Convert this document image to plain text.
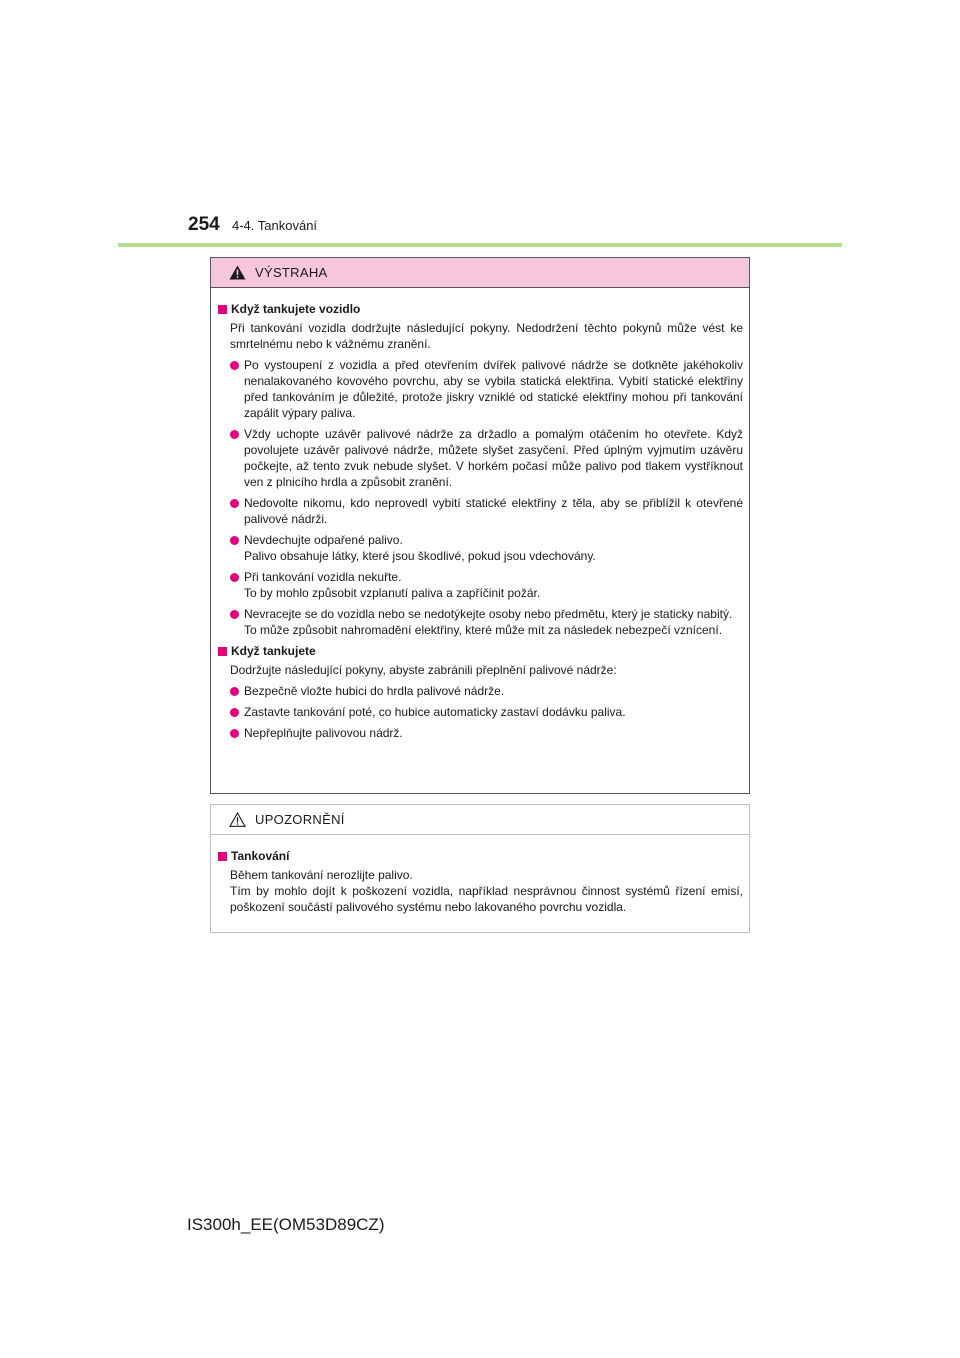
254 4-4. Tankování
VÝSTRAHA
Když tankujete vozidlo
Při tankování vozidla dodržujte následující pokyny. Nedodržení těchto pokynů může vést ke smrtelnému nebo k vážnému zranění.
Po vystoupení z vozidla a před otevřením dvířek palivové nádrže se dotkněte jakéhokoliv nenalakovaného kovového povrchu, aby se vybila statická elektřina. Vybití statické elektřiny před tankováním je důležité, protože jiskry vzniklé od statické elektřiny mohou při tankování zapálit výpary paliva.
Vždy uchopte uzávěr palivové nádrže za držadlo a pomalým otáčením ho otevřete. Když povolujete uzávěr palivové nádrže, můžete slyšet zasyčení. Před úplným vyjmutím uzávěru počkejte, až tento zvuk nebude slyšet. V horkém počasí může palivo pod tlakem vystříknout ven z plnicího hrdla a způsobit zranění.
Nedovolte nikomu, kdo neprovedl vybití statické elektřiny z těla, aby se přiblížil k otevřené palivové nádrži.
Nevdechujte odpařené palivo.
Palivo obsahuje látky, které jsou škodlivé, pokud jsou vdechovány.
Při tankování vozidla nekuřte.
To by mohlo způsobit vzplanutí paliva a zapříčinit požár.
Nevracejte se do vozidla nebo se nedotýkejte osoby nebo předmětu, který je staticky nabitý.
To může způsobit nahromadění elektřiny, které může mít za následek nebezpečí vznícení.
Když tankujete
Dodržujte následující pokyny, abyste zabránili přeplnění palivové nádrže:
Bezpečně vložte hubici do hrdla palivové nádrže.
Zastavte tankování poté, co hubice automaticky zastaví dodávku paliva.
Nepřeplňujte palivovou nádrž.
UPOZORNĚNÍ
Tankování
Během tankování nerozlijte palivo.
Tím by mohlo dojít k poškození vozidla, například nesprávnou činnost systémů řízení emisí, poškození součástí palivového systému nebo lakovaného povrchu vozidla.
IS300h_EE(OM53D89CZ)
